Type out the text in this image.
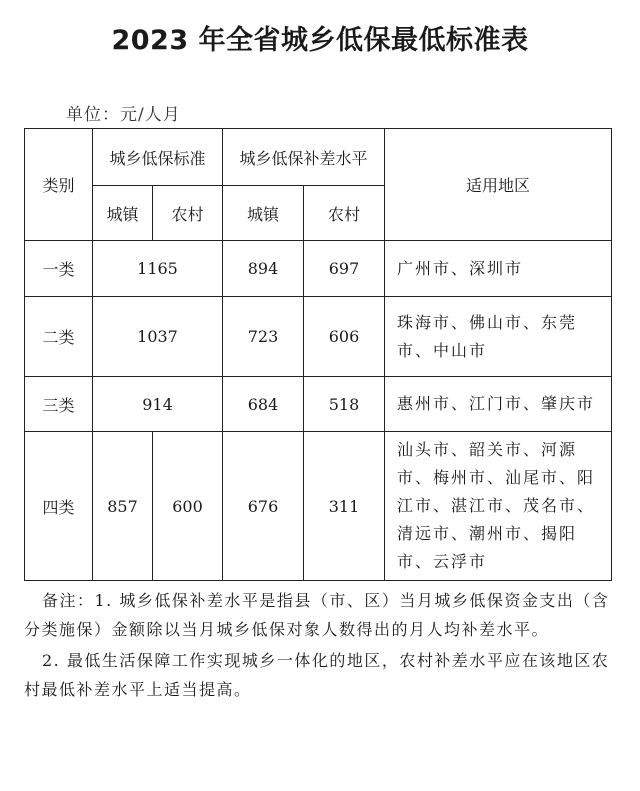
2023 年全省城乡低保最低标准表
单位：元/人月
类别	城乡低保标准		城乡低保补差水平		适用地区
	城镇	农村	城镇	农村	
一类	1165		894	697	广州市、深圳市
二类	1037		723	606	珠海市、佛山市、东莞市、中山市
三类	914		684	518	惠州市、江门市、肇庆市
四类	857	600	676	311	汕头市、韶关市、河源市、梅州市、汕尾市、阳江市、湛江市、茂名市、清远市、潮州市、揭阳市、云浮市

备注：1. 城乡低保补差水平是指县（市、区）当月城乡低保资金支出（含分类施保）金额除以当月城乡低保对象人数得出的月人均补差水平。

2. 最低生活保障工作实现城乡一体化的地区，农村补差水平应在该地区农村最低补差水平上适当提高。
